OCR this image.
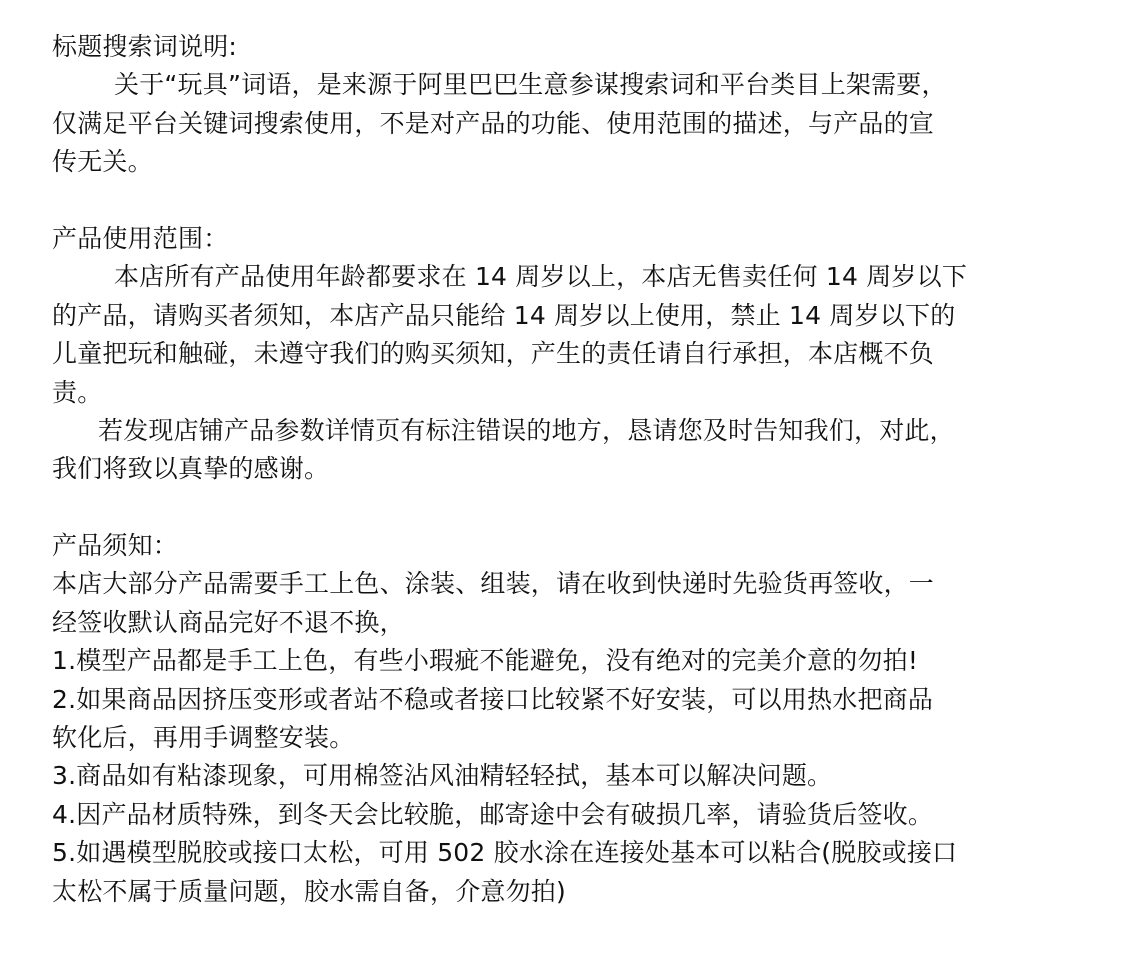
标题搜索词说明:
关于“玩具”词语，是来源于阿里巴巴生意参谋搜索词和平台类目上架需要，
仅满足平台关键词搜索使用，不是对产品的功能、使用范围的描述，与产品的宣
传无关。
产品使用范围：
本店所有产品使用年龄都要求在 14 周岁以上，本店无售卖任何 14 周岁以下
的产品，请购买者须知，本店产品只能给 14 周岁以上使用，禁止 14 周岁以下的
儿童把玩和触碰，未遵守我们的购买须知，产生的责任请自行承担，本店概不负
责。
若发现店铺产品参数详情页有标注错误的地方，恳请您及时告知我们，对此，
我们将致以真挚的感谢。
产品须知：
本店大部分产品需要手工上色、涂装、组装，请在收到快递时先验货再签收，一
经签收默认商品完好不退不换，
1.模型产品都是手工上色，有些小瑕疵不能避免，没有绝对的完美介意的勿拍!
2.如果商品因挤压变形或者站不稳或者接口比较紧不好安装，可以用热水把商品
软化后，再用手调整安装。
3.商品如有粘漆现象，可用棉签沾风油精轻轻拭，基本可以解决问题。
4.因产品材质特殊，到冬天会比较脆，邮寄途中会有破损几率，请验货后签收。
5.如遇模型脱胶或接口太松，可用 502 胶水涂在连接处基本可以粘合(脱胶或接口
太松不属于质量问题，胶水需自备，介意勿拍)
